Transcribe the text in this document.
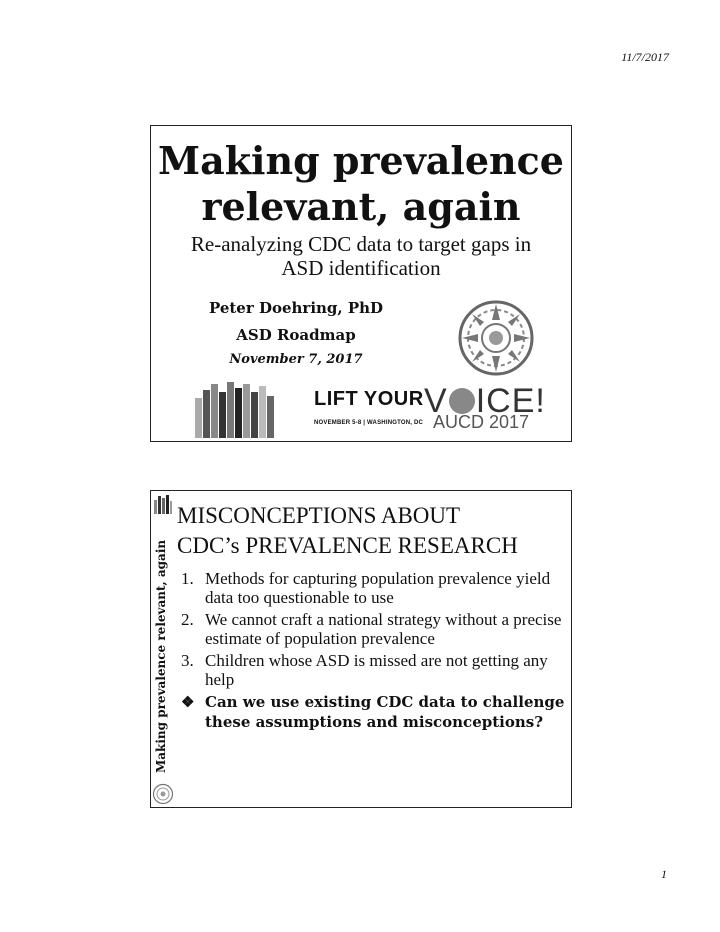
11/7/2017
Making prevalence
relevant, again
Re-analyzing CDC data to target gaps in
ASD identification
Peter Doehring, PhD
ASD Roadmap
November 7, 2017
LIFT YOUR V ICE!
NOVEMBER 5-8 | WASHINGTON, DC AUCD 2017
Making prevalence relevant, again
MISCONCEPTIONS ABOUT
CDC’s PREVALENCE RESEARCH
1. Methods for capturing population prevalence yield data too questionable to use
2. We cannot craft a national strategy without a precise estimate of population prevalence
3. Children whose ASD is missed are not getting any help
❖ Can we use existing CDC data to challenge these assumptions and misconceptions?
1
